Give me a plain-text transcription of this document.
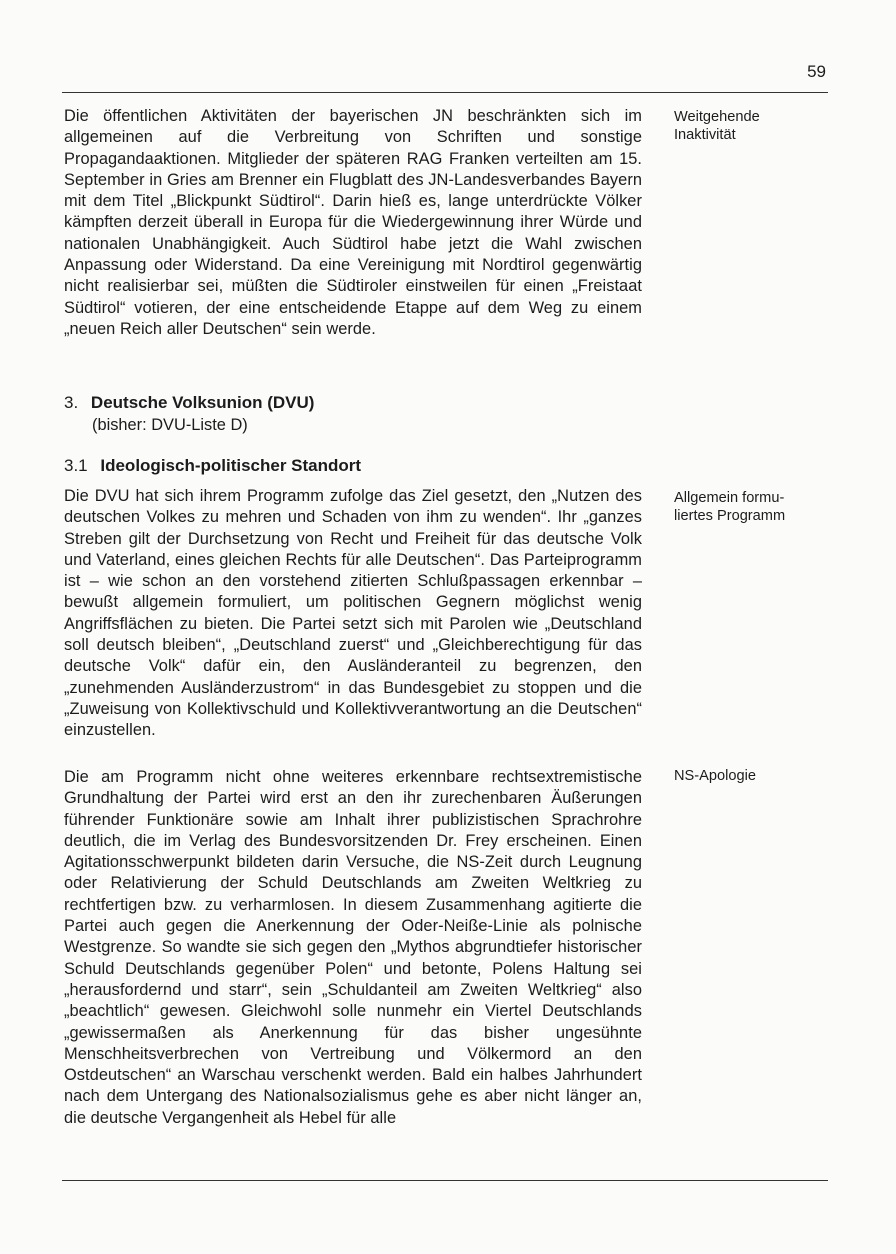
59
Die öffentlichen Aktivitäten der bayerischen JN beschränkten sich im allgemeinen auf die Verbreitung von Schriften und sonstige Propagandaaktionen. Mitglieder der späteren RAG Franken verteilten am 15. September in Gries am Brenner ein Flugblatt des JN-Landesverbandes Bayern mit dem Titel „Blickpunkt Südtirol“. Darin hieß es, lange unterdrückte Völker kämpften derzeit überall in Europa für die Wiedergewinnung ihrer Würde und nationalen Unabhängigkeit. Auch Südtirol habe jetzt die Wahl zwischen Anpassung oder Widerstand. Da eine Vereinigung mit Nordtirol gegenwärtig nicht realisierbar sei, müßten die Südtiroler einstweilen für einen „Freistaat Südtirol“ votieren, der eine entscheidende Etappe auf dem Weg zu einem „neuen Reich aller Deutschen“ sein werde.
Weitgehende
Inaktivität
3. Deutsche Volksunion (DVU)
(bisher: DVU-Liste D)
3.1 Ideologisch-politischer Standort
Die DVU hat sich ihrem Programm zufolge das Ziel gesetzt, den „Nutzen des deutschen Volkes zu mehren und Schaden von ihm zu wenden“. Ihr „ganzes Streben gilt der Durchsetzung von Recht und Freiheit für das deutsche Volk und Vaterland, eines gleichen Rechts für alle Deutschen“. Das Parteiprogramm ist – wie schon an den vorstehend zitierten Schlußpassagen erkennbar – bewußt allgemein formuliert, um politischen Gegnern möglichst wenig Angriffsflächen zu bieten. Die Partei setzt sich mit Parolen wie „Deutschland soll deutsch bleiben“, „Deutschland zuerst“ und „Gleichberechtigung für das deutsche Volk“ dafür ein, den Ausländeranteil zu begrenzen, den „zunehmenden Ausländerzustrom“ in das Bundesgebiet zu stoppen und die „Zuweisung von Kollektivschuld und Kollektivverantwortung an die Deutschen“ einzustellen.
Allgemein formu-
liertes Programm
Die am Programm nicht ohne weiteres erkennbare rechtsextremistische Grundhaltung der Partei wird erst an den ihr zurechenbaren Äußerungen führender Funktionäre sowie am Inhalt ihrer publizistischen Sprachrohre deutlich, die im Verlag des Bundesvorsitzenden Dr. Frey erscheinen. Einen Agitationsschwerpunkt bildeten darin Versuche, die NS-Zeit durch Leugnung oder Relativierung der Schuld Deutschlands am Zweiten Weltkrieg zu rechtfertigen bzw. zu verharmlosen. In diesem Zusammenhang agitierte die Partei auch gegen die Anerkennung der Oder-Neiße-Linie als polnische Westgrenze. So wandte sie sich gegen den „Mythos abgrundtiefer historischer Schuld Deutschlands gegenüber Polen“ und betonte, Polens Haltung sei „herausfordernd und starr“, sein „Schuldanteil am Zweiten Weltkrieg“ also „beachtlich“ gewesen. Gleichwohl solle nunmehr ein Viertel Deutschlands „gewissermaßen als Anerkennung für das bisher ungesühnte Menschheitsverbrechen von Vertreibung und Völkermord an den Ostdeutschen“ an Warschau verschenkt werden. Bald ein halbes Jahrhundert nach dem Untergang des Nationalsozialismus gehe es aber nicht länger an, die deutsche Vergangenheit als Hebel für alle
NS-Apologie
